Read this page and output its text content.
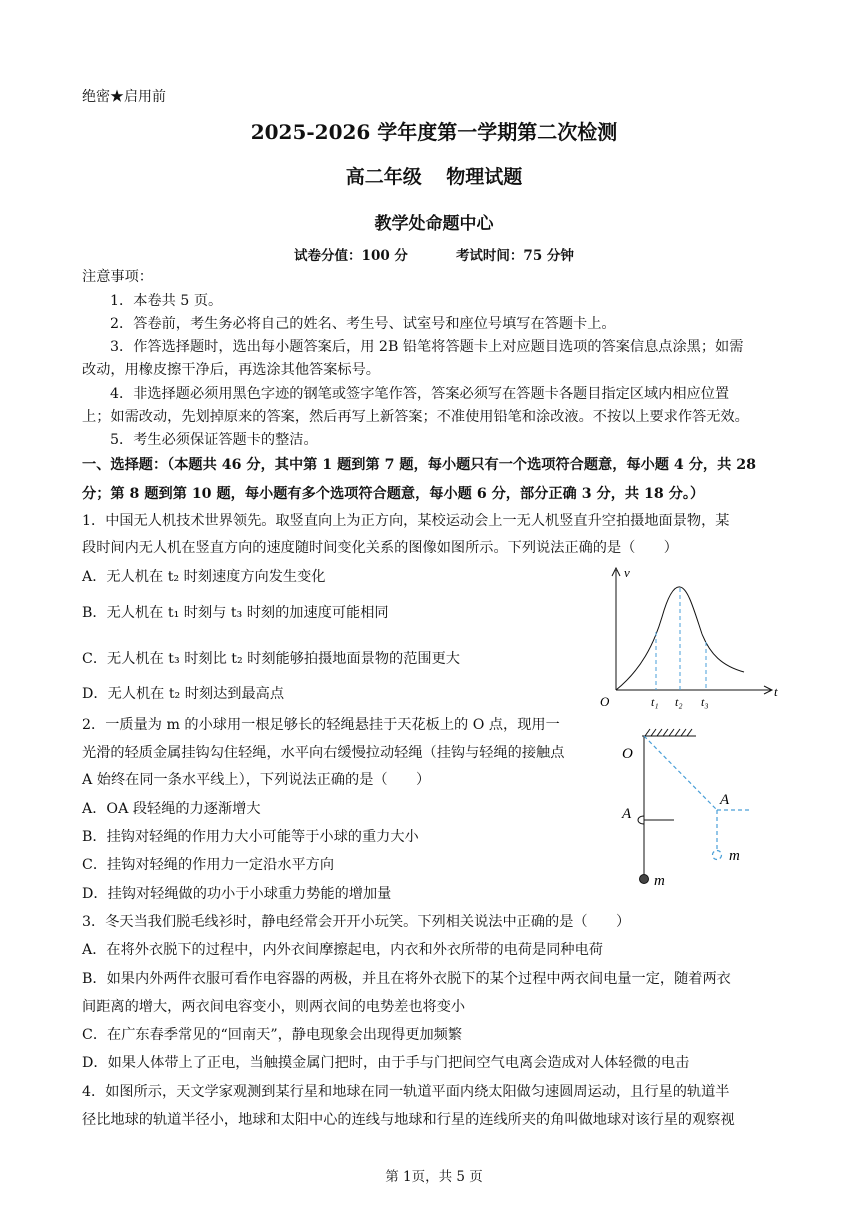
绝密★启用前
2025-2026 学年度第一学期第二次检测
高二年级 物理试题
教学处命题中心
试卷分值：100 分	考试时间：75 分钟
注意事项：
1．本卷共 5 页。
2．答卷前，考生务必将自己的姓名、考生号、试室号和座位号填写在答题卡上。
3．作答选择题时，选出每小题答案后，用 2B 铅笔将答题卡上对应题目选项的答案信息点涂黑；如需
改动，用橡皮擦干净后，再选涂其他答案标号。
4．非选择题必须用黑色字迹的钢笔或签字笔作答，答案必须写在答题卡各题目指定区域内相应位置
上；如需改动，先划掉原来的答案，然后再写上新答案；不准使用铅笔和涂改液。不按以上要求作答无效。
5．考生必须保证答题卡的整洁。
一、选择题：（本题共 46 分，其中第 1 题到第 7 题，每小题只有一个选项符合题意，每小题 4 分，共 28
分；第 8 题到第 10 题，每小题有多个选项符合题意，每小题 6 分，部分正确 3 分，共 18 分。）
1．中国无人机技术世界领先。取竖直向上为正方向，某校运动会上一无人机竖直升空拍摄地面景物，某
段时间内无人机在竖直方向的速度随时间变化关系的图像如图所示。下列说法正确的是（　　）
A．无人机在 t₂ 时刻速度方向发生变化
B．无人机在 t₁ 时刻与 t₃ 时刻的加速度可能相同
C．无人机在 t₃ 时刻比 t₂ 时刻能够拍摄地面景物的范围更大
D．无人机在 t₂ 时刻达到最高点
v
t
O	t₁ t₂ t₃
2．一质量为 m 的小球用一根足够长的轻绳悬挂于天花板上的 O 点，现用一
光滑的轻质金属挂钩勾住轻绳，水平向右缓慢拉动轻绳（挂钩与轻绳的接触点
A 始终在同一条水平线上），下列说法正确的是（　　）
A．OA 段轻绳的力逐渐增大
B．挂钩对轻绳的作用力大小可能等于小球的重力大小
C．挂钩对轻绳的作用力一定沿水平方向
D．挂钩对轻绳做的功小于小球重力势能的增加量
O
A
A
m
m
3．冬天当我们脱毛线衫时，静电经常会开开小玩笑。下列相关说法中正确的是（　　）
A．在将外衣脱下的过程中，内外衣间摩擦起电，内衣和外衣所带的电荷是同种电荷
B．如果内外两件衣服可看作电容器的两极，并且在将外衣脱下的某个过程中两衣间电量一定，随着两衣
间距离的增大，两衣间电容变小，则两衣间的电势差也将变小
C．在广东春季常见的“回南天”，静电现象会出现得更加频繁
D．如果人体带上了正电，当触摸金属门把时，由于手与门把间空气电离会造成对人体轻微的电击
4．如图所示，天文学家观测到某行星和地球在同一轨道平面内绕太阳做匀速圆周运动，且行星的轨道半
径比地球的轨道半径小，地球和太阳中心的连线与地球和行星的连线所夹的角叫做地球对该行星的观察视
第 1页，共 5 页
